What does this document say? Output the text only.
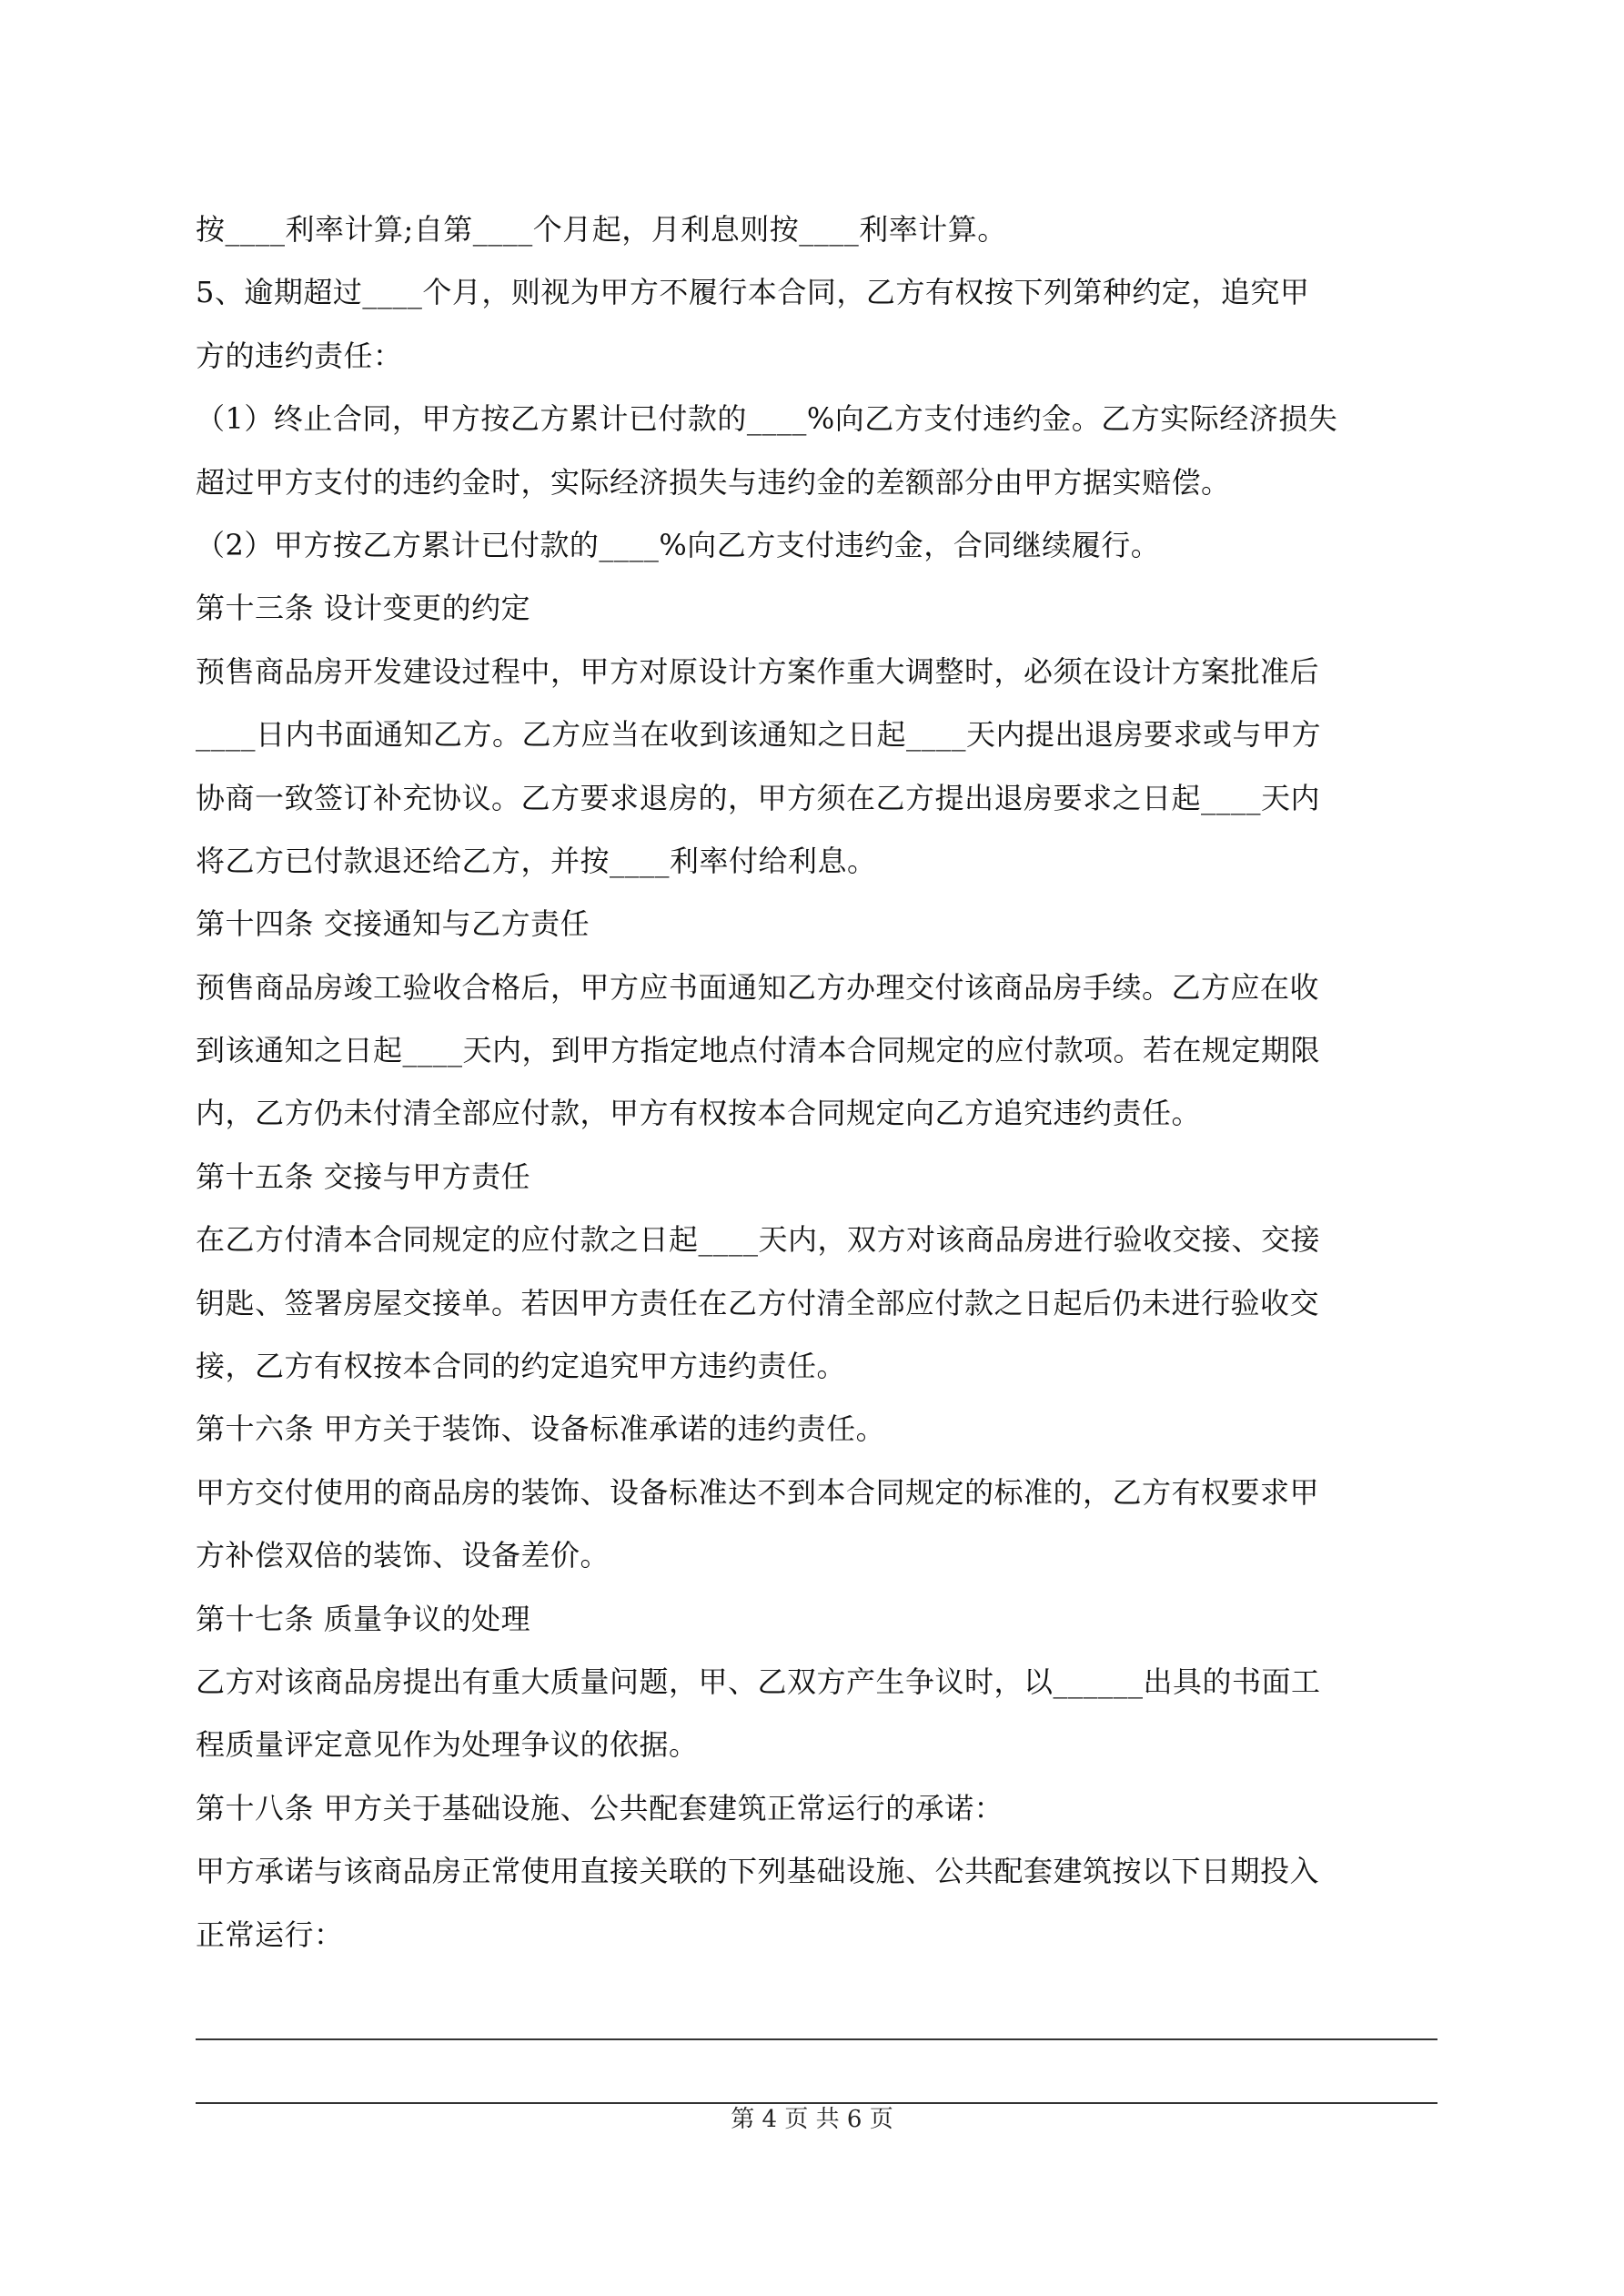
按____利率计算;自第____个月起，月利息则按____利率计算。
5、逾期超过____个月，则视为甲方不履行本合同，乙方有权按下列第种约定，追究甲
方的违约责任：
（1）终止合同，甲方按乙方累计已付款的____%向乙方支付违约金。乙方实际经济损失
超过甲方支付的违约金时，实际经济损失与违约金的差额部分由甲方据实赔偿。
（2）甲方按乙方累计已付款的____%向乙方支付违约金，合同继续履行。
第十三条 设计变更的约定
预售商品房开发建设过程中，甲方对原设计方案作重大调整时，必须在设计方案批准后
____日内书面通知乙方。乙方应当在收到该通知之日起____天内提出退房要求或与甲方
协商一致签订补充协议。乙方要求退房的，甲方须在乙方提出退房要求之日起____天内
将乙方已付款退还给乙方，并按____利率付给利息。
第十四条 交接通知与乙方责任
预售商品房竣工验收合格后，甲方应书面通知乙方办理交付该商品房手续。乙方应在收
到该通知之日起____天内，到甲方指定地点付清本合同规定的应付款项。若在规定期限
内，乙方仍未付清全部应付款，甲方有权按本合同规定向乙方追究违约责任。
第十五条 交接与甲方责任
在乙方付清本合同规定的应付款之日起____天内，双方对该商品房进行验收交接、交接
钥匙、签署房屋交接单。若因甲方责任在乙方付清全部应付款之日起后仍未进行验收交
接，乙方有权按本合同的约定追究甲方违约责任。
第十六条 甲方关于装饰、设备标准承诺的违约责任。
甲方交付使用的商品房的装饰、设备标准达不到本合同规定的标准的，乙方有权要求甲
方补偿双倍的装饰、设备差价。
第十七条 质量争议的处理
乙方对该商品房提出有重大质量问题，甲、乙双方产生争议时，以______出具的书面工
程质量评定意见作为处理争议的依据。
第十八条 甲方关于基础设施、公共配套建筑正常运行的承诺：
甲方承诺与该商品房正常使用直接关联的下列基础设施、公共配套建筑按以下日期投入
正常运行：
第 4 页 共 6 页
